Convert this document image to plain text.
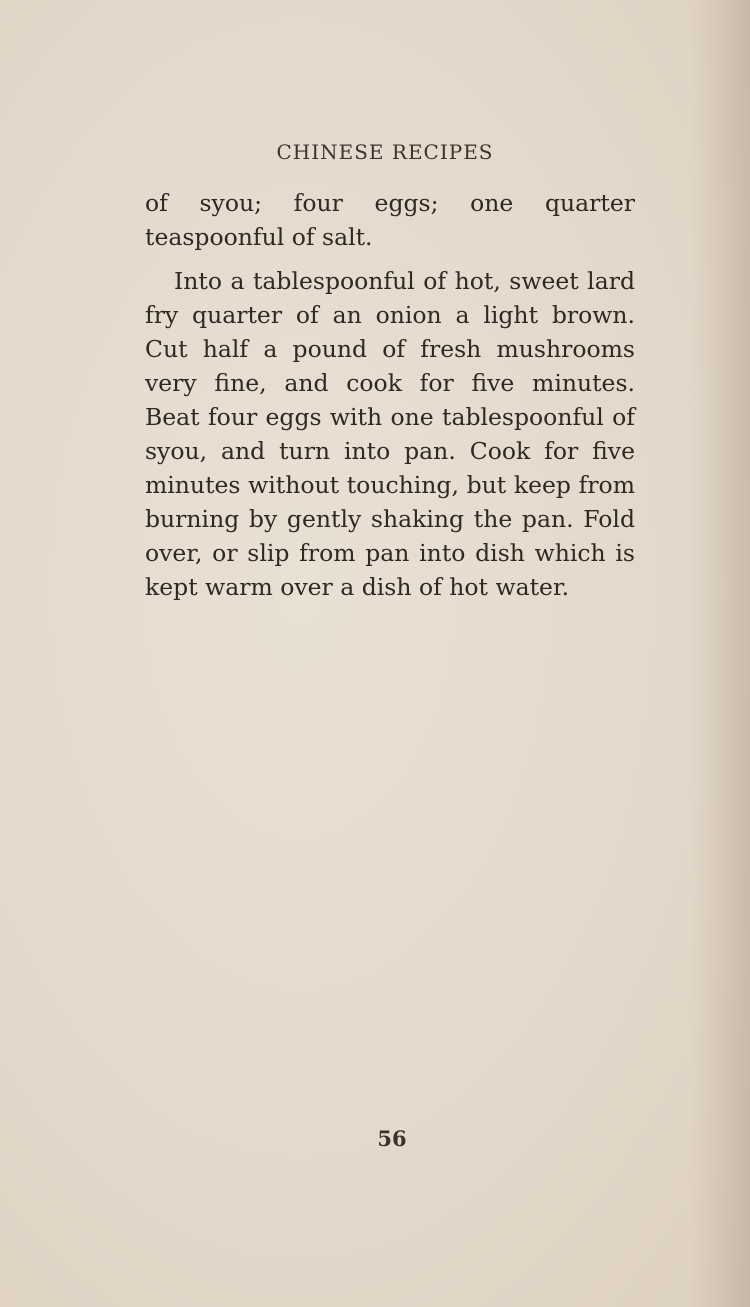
CHINESE RECIPES

of syou; four eggs; one quarter teaspoonful of salt.

Into a tablespoonful of hot, sweet lard fry quarter of an onion a light brown. Cut half a pound of fresh mushrooms very fine, and cook for five minutes. Beat four eggs with one tablespoonful of syou, and turn into pan. Cook for five minutes without touching, but keep from burning by gently shaking the pan. Fold over, or slip from pan into dish which is kept warm over a dish of hot water.

56
